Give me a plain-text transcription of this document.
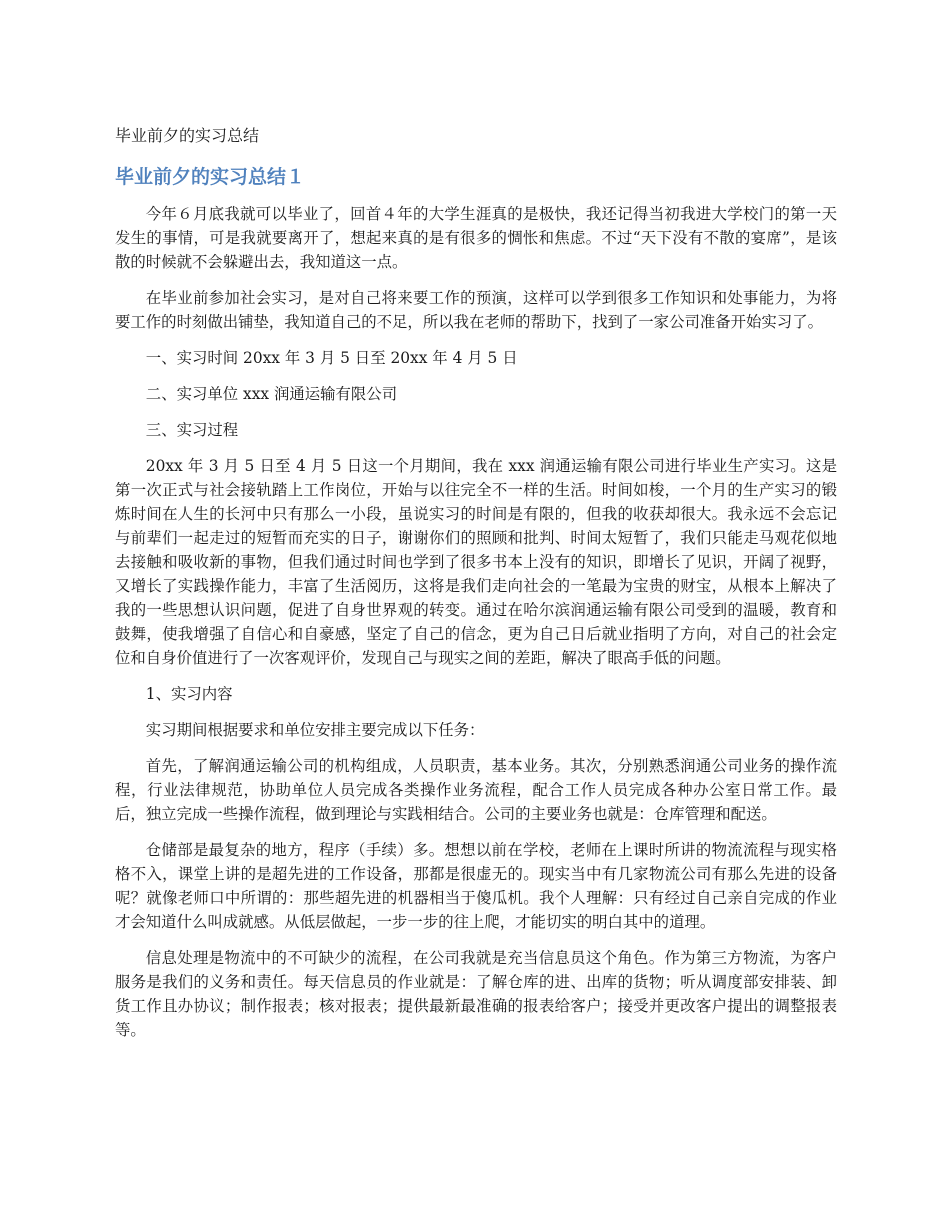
毕业前夕的实习总结
毕业前夕的实习总结１

今年６月底我就可以毕业了，回首４年的大学生涯真的是极快，我还记得当初我进大学校门的第一天发生的事情，可是我就要离开了，想起来真的是有很多的惆怅和焦虑。不过“天下没有不散的宴席”，是该散的时候就不会躲避出去，我知道这一点。

在毕业前参加社会实习，是对自己将来要工作的预演，这样可以学到很多工作知识和处事能力，为将要工作的时刻做出铺垫，我知道自己的不足，所以我在老师的帮助下，找到了一家公司准备开始实习了。

一、实习时间 20xx 年 3 月 5 日至 20xx 年 4 月 5 日

二、实习单位 xxx 润通运输有限公司

三、实习过程

20xx 年 3 月 5 日至 4 月 5 日这一个月期间，我在 xxx 润通运输有限公司进行毕业生产实习。这是第一次正式与社会接轨踏上工作岗位，开始与以往完全不一样的生活。时间如梭，一个月的生产实习的锻炼时间在人生的长河中只有那么一小段，虽说实习的时间是有限的，但我的收获却很大。我永远不会忘记与前辈们一起走过的短暂而充实的日子，谢谢你们的照顾和批判、时间太短暂了，我们只能走马观花似地去接触和吸收新的事物，但我们通过时间也学到了很多书本上没有的知识，即增长了见识，开阔了视野，又增长了实践操作能力，丰富了生活阅历，这将是我们走向社会的一笔最为宝贵的财宝，从根本上解决了我的一些思想认识问题，促进了自身世界观的转变。通过在哈尔滨润通运输有限公司受到的温暖，教育和鼓舞，使我增强了自信心和自豪感，坚定了自己的信念，更为自己日后就业指明了方向，对自己的社会定位和自身价值进行了一次客观评价，发现自己与现实之间的差距，解决了眼高手低的问题。

1、实习内容

实习期间根据要求和单位安排主要完成以下任务：

首先，了解润通运输公司的机构组成，人员职责，基本业务。其次，分别熟悉润通公司业务的操作流程，行业法律规范，协助单位人员完成各类操作业务流程，配合工作人员完成各种办公室日常工作。最后，独立完成一些操作流程，做到理论与实践相结合。公司的主要业务也就是：仓库管理和配送。

仓储部是最复杂的地方，程序（手续）多。想想以前在学校，老师在上课时所讲的物流流程与现实格格不入，课堂上讲的是超先进的工作设备，那都是很虚无的。现实当中有几家物流公司有那么先进的设备呢？就像老师口中所谓的：那些超先进的机器相当于傻瓜机。我个人理解：只有经过自己亲自完成的作业才会知道什么叫成就感。从低层做起，一步一步的往上爬，才能切实的明白其中的道理。

信息处理是物流中的不可缺少的流程，在公司我就是充当信息员这个角色。作为第三方物流，为客户服务是我们的义务和责任。每天信息员的作业就是：了解仓库的进、出库的货物；听从调度部安排装、卸货工作且办协议；制作报表；核对报表；提供最新最准确的报表给客户；接受并更改客户提出的调整报表等。
